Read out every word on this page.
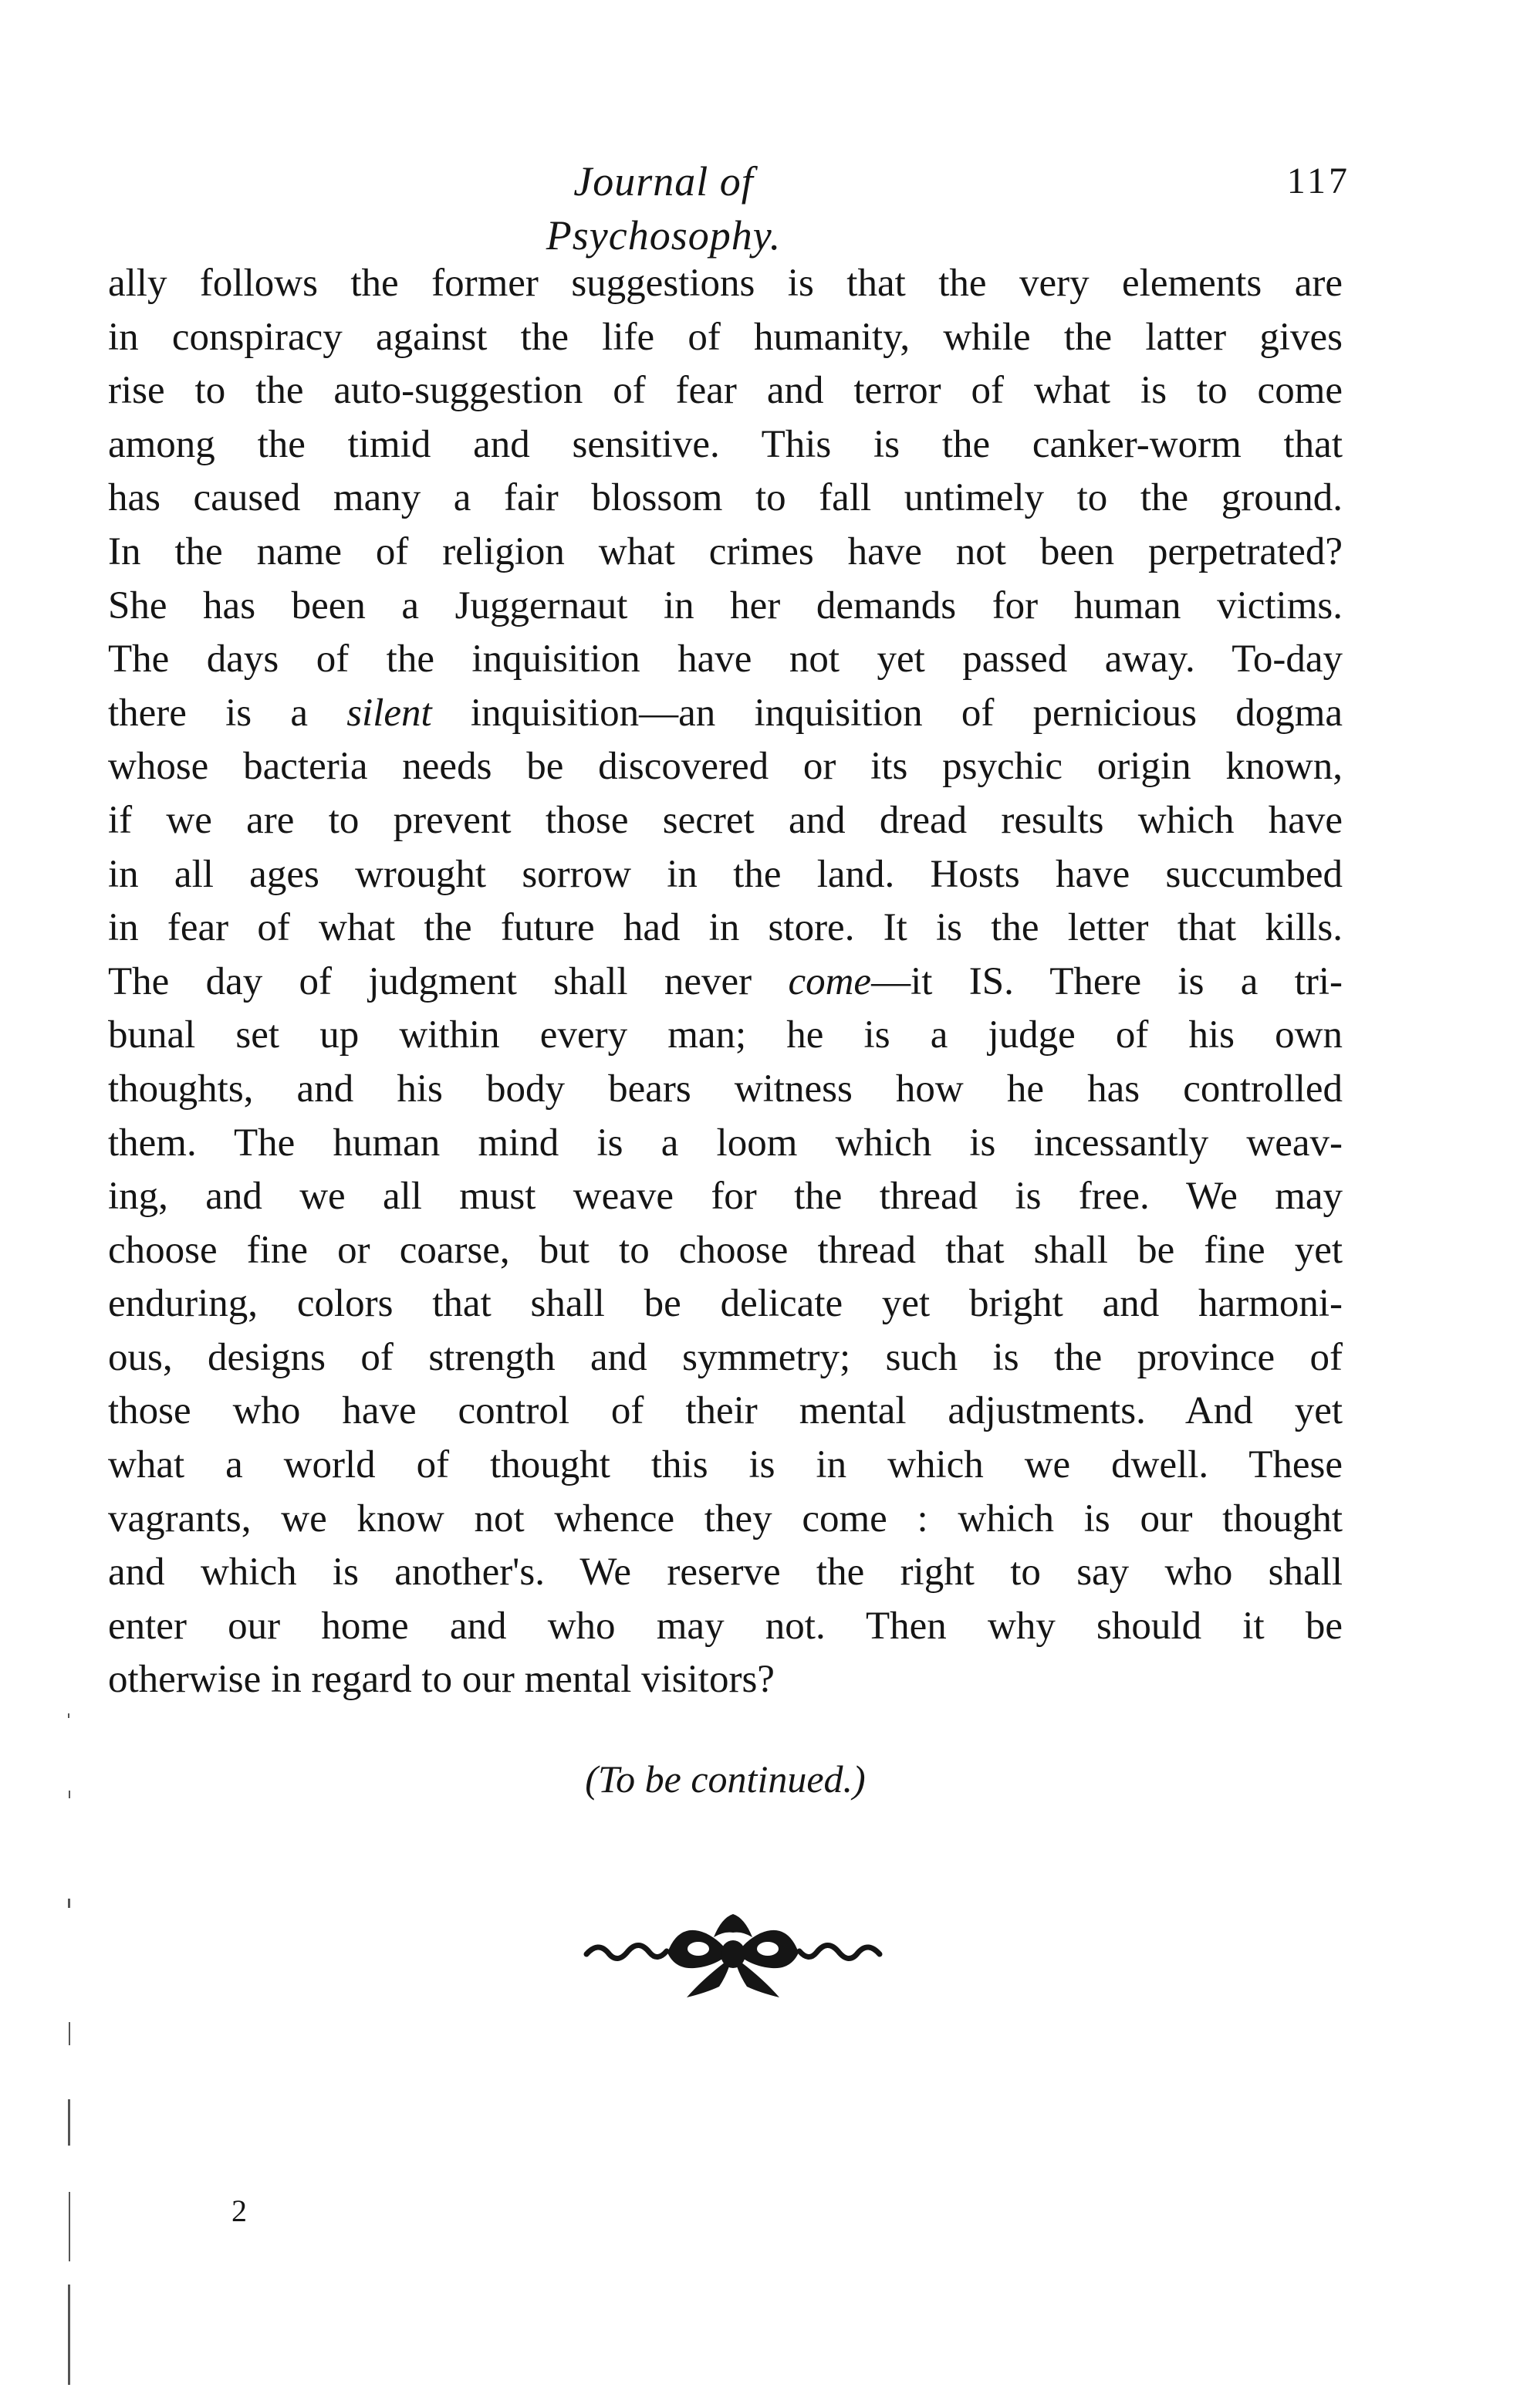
Journal of Psychosophy.
117
ally follows the former suggestions is that the very elements are
in conspiracy against the life of humanity, while the latter gives
rise to the auto-suggestion of fear and terror of what is to come
among the timid and sensitive. This is the canker-worm that
has caused many a fair blossom to fall untimely to the ground.
In the name of religion what crimes have not been perpetrated?
She has been a Juggernaut in her demands for human victims.
The days of the inquisition have not yet passed away. To-day
there is a silent inquisition—an inquisition of pernicious dogma
whose bacteria needs be discovered or its psychic origin known,
if we are to prevent those secret and dread results which have
in all ages wrought sorrow in the land. Hosts have succumbed
in fear of what the future had in store. It is the letter that kills.
The day of judgment shall never come—it IS. There is a tri-
bunal set up within every man; he is a judge of his own
thoughts, and his body bears witness how he has controlled
them. The human mind is a loom which is incessantly weav-
ing, and we all must weave for the thread is free. We may
choose fine or coarse, but to choose thread that shall be fine yet
enduring, colors that shall be delicate yet bright and harmoni-
ous, designs of strength and symmetry; such is the province of
those who have control of their mental adjustments. And yet
what a world of thought this is in which we dwell. These
vagrants, we know not whence they come : which is our thought
and which is another's. We reserve the right to say who shall
enter our home and who may not. Then why should it be
otherwise in regard to our mental visitors?
(To be continued.)
2
